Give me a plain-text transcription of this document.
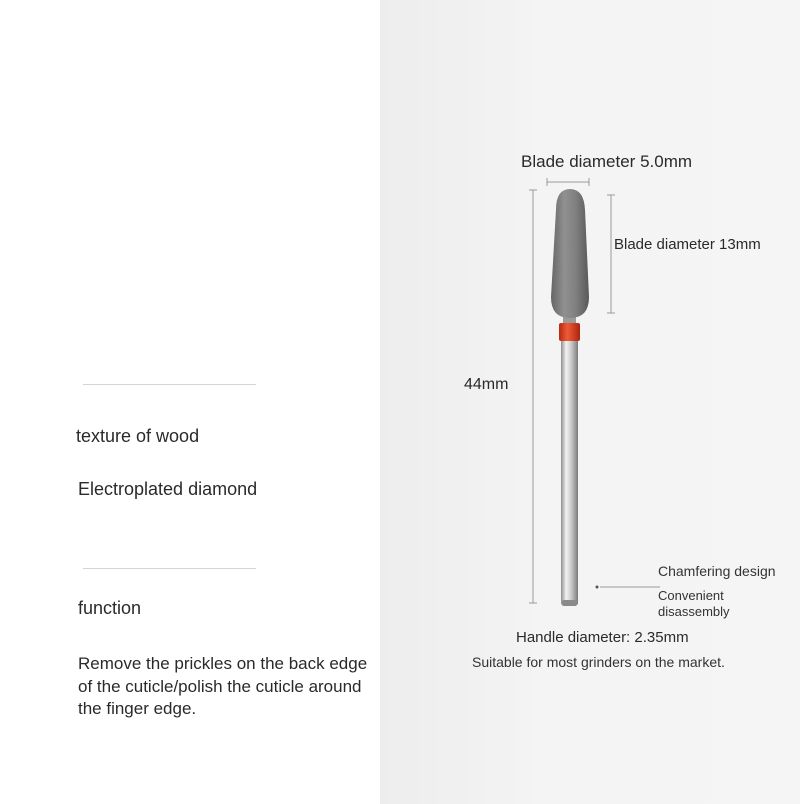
texture of wood
Electroplated diamond
function
Remove the prickles on the back edge of the cuticle/polish the cuticle around the finger edge.
Blade diameter 5.0mm
Blade diameter 13mm
44mm
Chamfering design
Convenient disassembly
Handle diameter: 2.35mm
Suitable for most grinders on the market.
